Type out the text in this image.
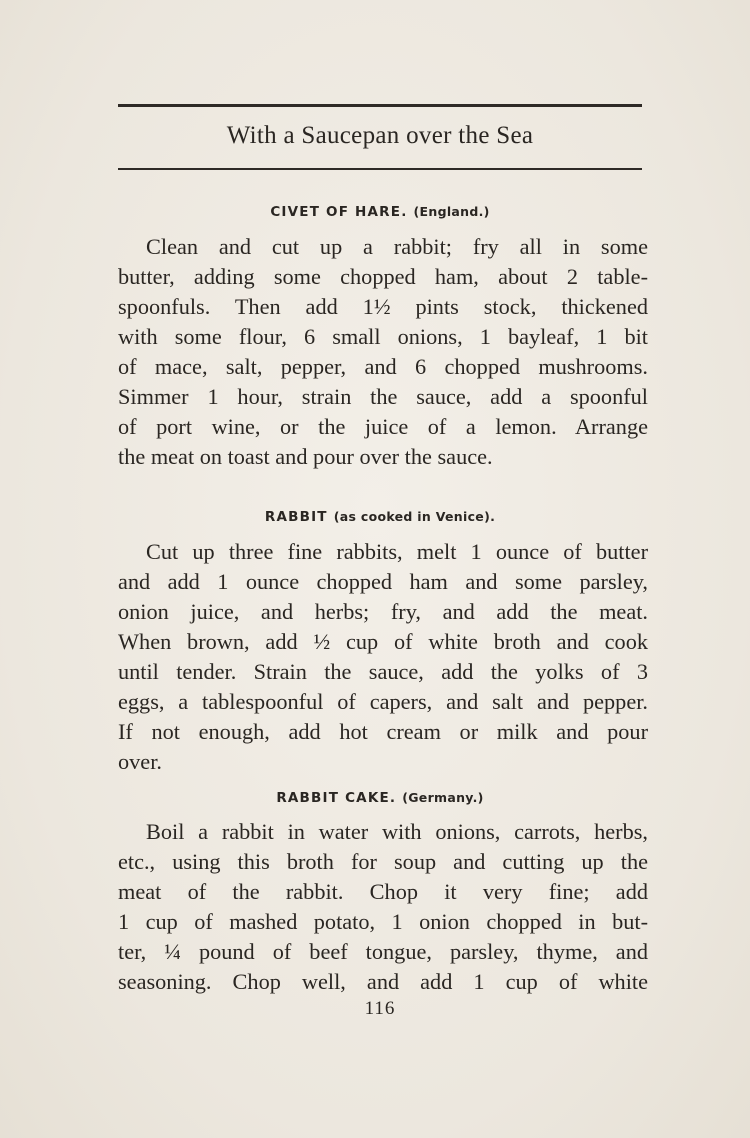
With a Saucepan over the Sea
CIVET OF HARE. (England.)
Clean and cut up a rabbit; fry all in some
butter, adding some chopped ham, about 2 table-
spoonfuls. Then add 1½ pints stock, thickened
with some flour, 6 small onions, 1 bayleaf, 1 bit
of mace, salt, pepper, and 6 chopped mushrooms.
Simmer 1 hour, strain the sauce, add a spoonful
of port wine, or the juice of a lemon. Arrange
the meat on toast and pour over the sauce.
RABBIT (as cooked in Venice).
Cut up three fine rabbits, melt 1 ounce of butter
and add 1 ounce chopped ham and some parsley,
onion juice, and herbs; fry, and add the meat.
When brown, add ½ cup of white broth and cook
until tender. Strain the sauce, add the yolks of 3
eggs, a tablespoonful of capers, and salt and pepper.
If not enough, add hot cream or milk and pour
over.
RABBIT CAKE. (Germany.)
Boil a rabbit in water with onions, carrots, herbs,
etc., using this broth for soup and cutting up the
meat of the rabbit. Chop it very fine; add
1 cup of mashed potato, 1 onion chopped in but-
ter, ¼ pound of beef tongue, parsley, thyme, and
seasoning. Chop well, and add 1 cup of white
116
